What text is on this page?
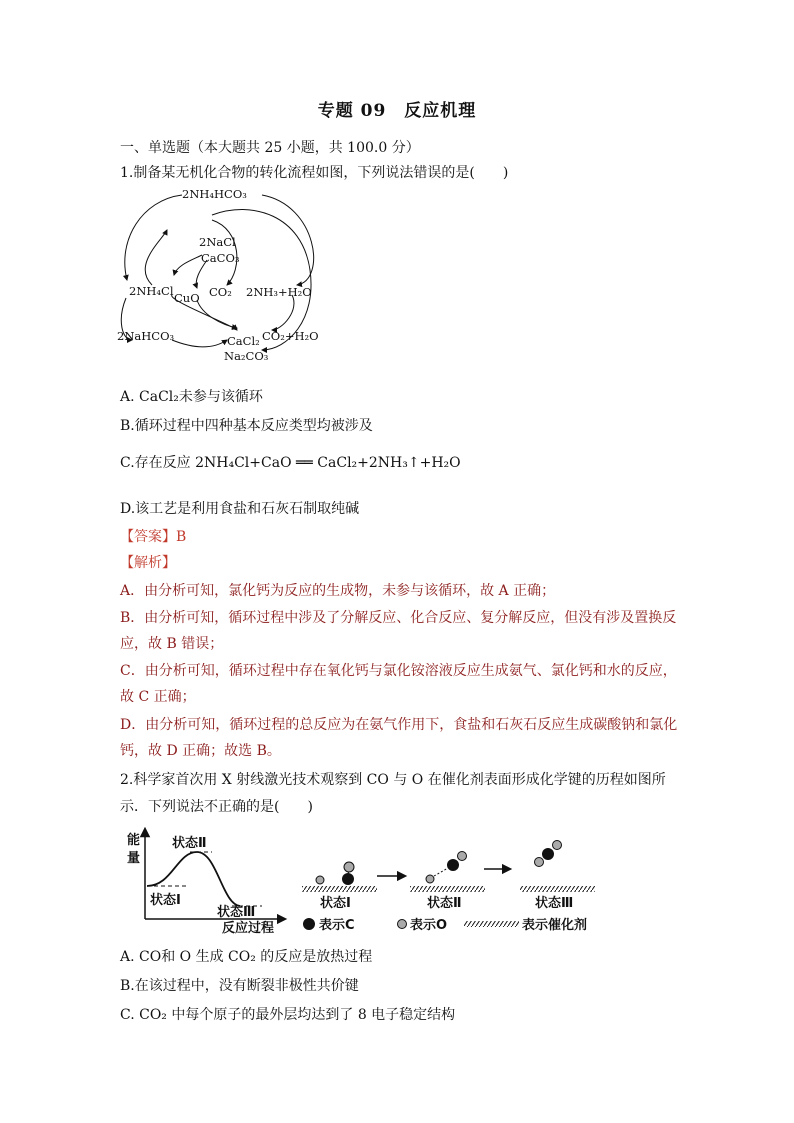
专题 09　反应机理
一、单选题（本大题共 25 小题，共 100.0 分）
1.制备某无机化合物的转化流程如图，下列说法错误的是(　　)
2NH₄HCO₃
2NaCl
CaCO₃
2NH₄Cl CuO CO₂ 2NH₃+H₂O
2NaHCO₃	CaCl₂
Na₂CO₃
CO₂+H₂O
A. CaCl₂未参与该循环
B.循环过程中四种基本反应类型均被涉及
C.存在反应 2NH₄Cl+CaO ══ CaCl₂+2NH₃↑+H₂O
D.该工艺是利用食盐和石灰石制取纯碱
【答案】B
【解析】
A．由分析可知，氯化钙为反应的生成物，未参与该循环，故 A 正确；
B．由分析可知，循环过程中涉及了分解反应、化合反应、复分解反应，但没有涉及置换反
应，故 B 错误；
C．由分析可知，循环过程中存在氧化钙与氯化铵溶液反应生成氨气、氯化钙和水的反应，
故 C 正确；
D．由分析可知，循环过程的总反应为在氨气作用下，食盐和石灰石反应生成碳酸钠和氯化
钙，故 D 正确；故选 B。
2.科学家首次用 X 射线激光技术观察到 CO 与 O 在催化剂表面形成化学键的历程如图所
示．下列说法不正确的是(　　)
能
量
状态Ⅱ
状态Ⅰ
状态Ⅲ
反应过程
状态Ⅰ	状态Ⅱ	状态Ⅲ
表示C	表示O	表示催化剂
A. CO和 O 生成 CO₂ 的反应是放热过程
B.在该过程中，没有断裂非极性共价键
C. CO₂ 中每个原子的最外层均达到了 8 电子稳定结构
